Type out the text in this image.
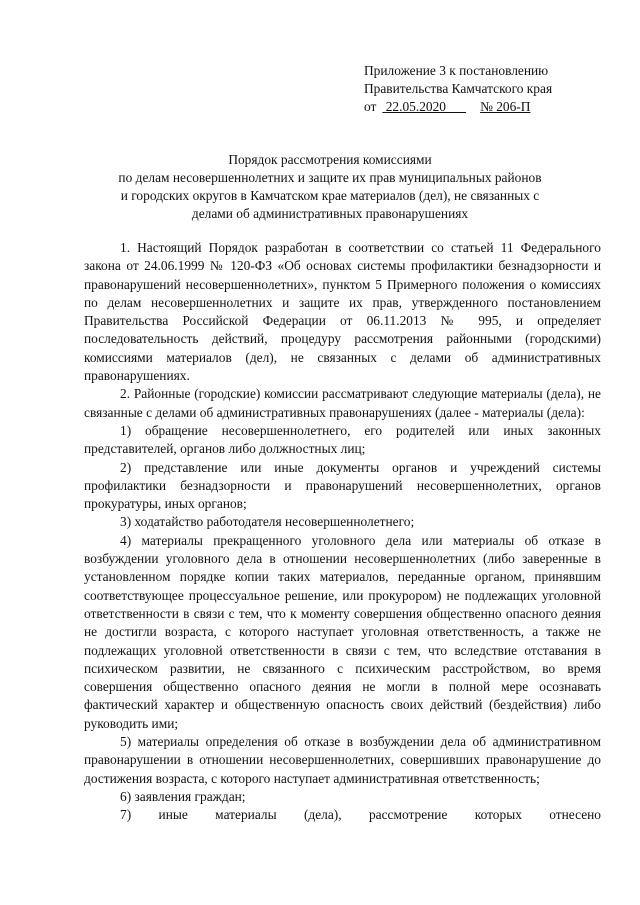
Приложение 3 к постановлению
Правительства Камчатского края
от 22.05.2020	№ 206-П
Порядок рассмотрения комиссиями
по делам несовершеннолетних и защите их прав муниципальных районов
и городских округов в Камчатском крае материалов (дел), не связанных с
делами об административных правонарушениях

1. Настоящий Порядок разработан в соответствии со статьей 11 Федерального закона от 24.06.1999 № 120-ФЗ «Об основах системы профилактики безнадзорности и правонарушений несовершеннолетних», пунктом 5 Примерного положения о комиссиях по делам несовершеннолетних и защите их прав, утвержденного постановлением Правительства Российской Федерации от 06.11.2013 № 995, и определяет последовательность действий, процедуру рассмотрения районными (городскими) комиссиями материалов (дел), не связанных с делами об административных правонарушениях.

2. Районные (городские) комиссии рассматривают следующие материалы (дела), не связанные с делами об административных правонарушениях (далее - материалы (дела):

1) обращение несовершеннолетнего, его родителей или иных законных представителей, органов либо должностных лиц;

2) представление или иные документы органов и учреждений системы профилактики безнадзорности и правонарушений несовершеннолетних, органов прокуратуры, иных органов;

3) ходатайство работодателя несовершеннолетнего;

4) материалы прекращенного уголовного дела или материалы об отказе в возбуждении уголовного дела в отношении несовершеннолетних (либо заверенные в установленном порядке копии таких материалов, переданные органом, принявшим соответствующее процессуальное решение, или прокурором) не подлежащих уголовной ответственности в связи с тем, что к моменту совершения общественно опасного деяния не достигли возраста, с которого наступает уголовная ответственность, а также не подлежащих уголовной ответственности в связи с тем, что вследствие отставания в психическом развитии, не связанного с психическим расстройством, во время совершения общественно опасного деяния не могли в полной мере осознавать фактический характер и общественную опасность своих действий (бездействия) либо руководить ими;

5) материалы определения об отказе в возбуждении дела об административном правонарушении в отношении несовершеннолетних, совершивших правонарушение до достижения возраста, с которого наступает административная ответственность;

6) заявления граждан;

7) иные материалы (дела), рассмотрение которых отнесено
